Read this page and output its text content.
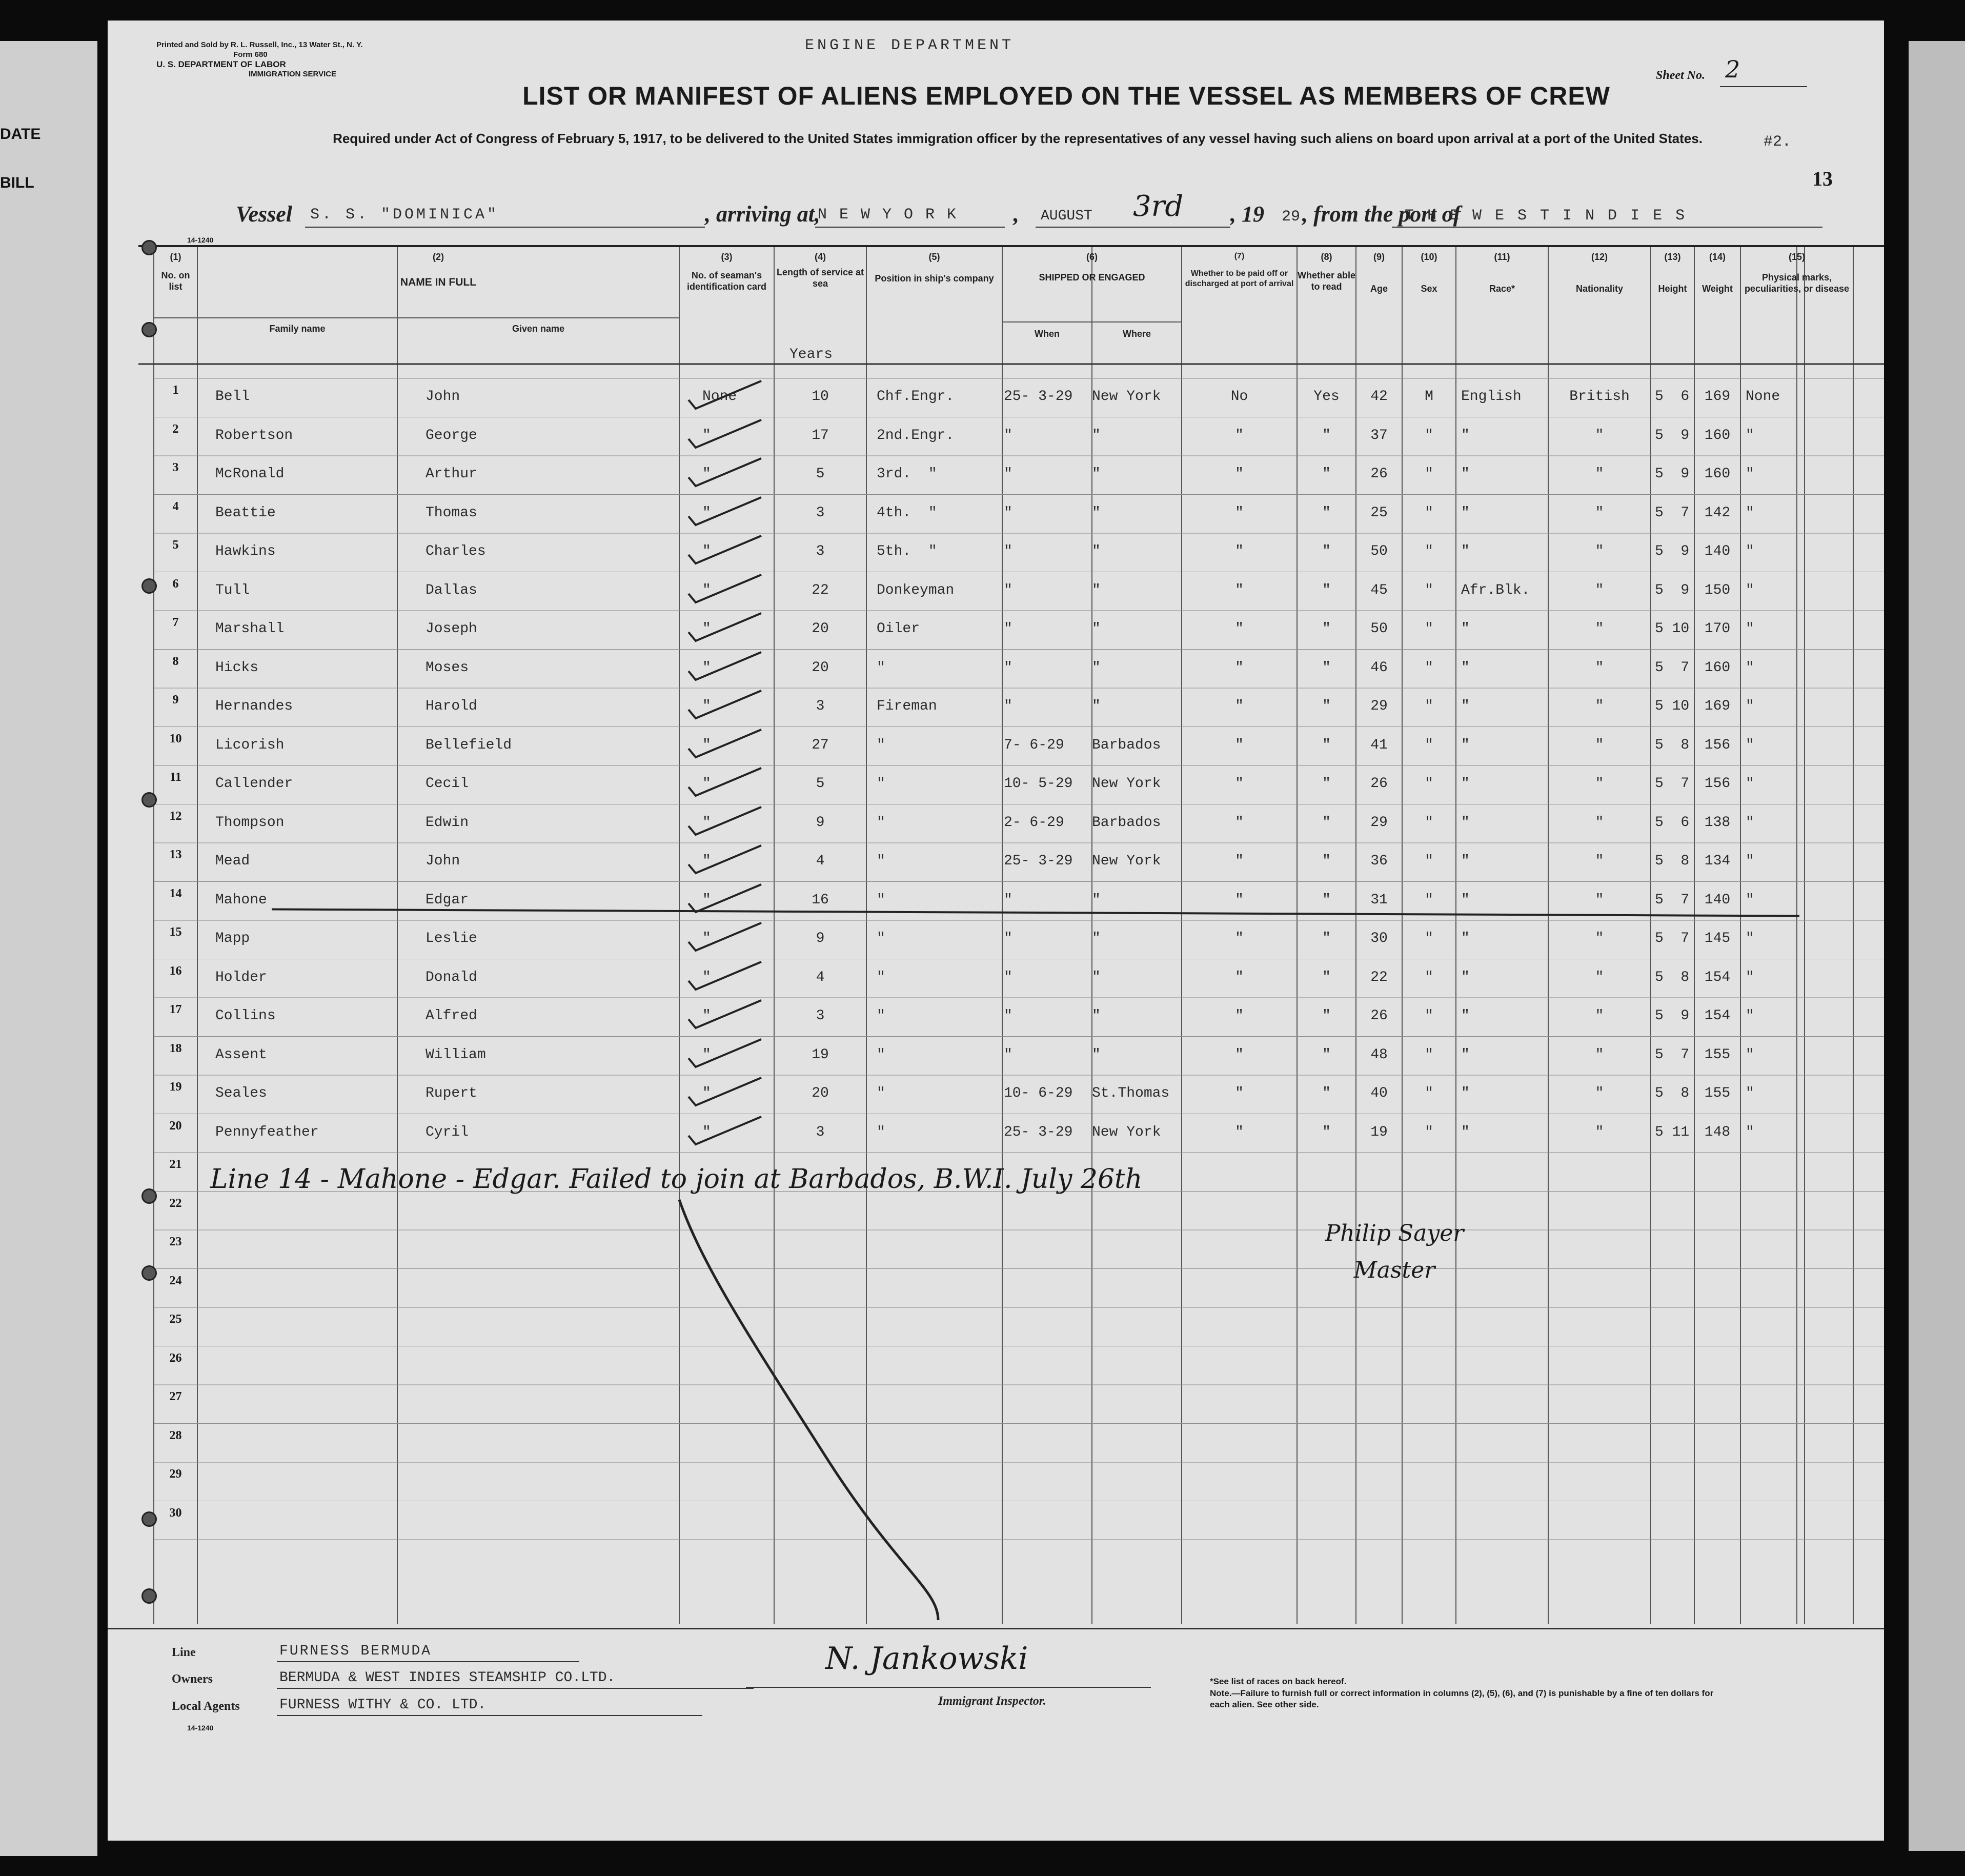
DATE
BILL
Printed and Sold by R. L. Russell, Inc., 13 Water St., N. Y.
Form 680
U. S. DEPARTMENT OF LABOR
IMMIGRATION SERVICE
ENGINE DEPARTMENT
LIST OR MANIFEST OF ALIENS EMPLOYED ON THE VESSEL AS MEMBERS OF CREW
Required under Act of Congress of February 5, 1917, to be delivered to the United States immigration officer by the representatives of any vessel having such aliens on board upon arrival at a port of the United States.
Sheet No. 2
#2.
13
Vessel S. S. "DOMINICA"	, arriving at,
N E W Y O R K , AUGUST 3rd , 19 29 , from the port of
T H E W E S T I N D I E S
14-1240
(1)
No. on list
(2)
NAME IN FULL
Family name	Given name
(3)
No. of seaman's identification card
(4)
Length of service at sea
(5)
Position in ship's company
(6)
SHIPPED OR ENGAGED
When	Where
(7)
Whether to be paid off or discharged at port of arrival
(8)
Whether able to read
(9)
Age
(10)
Sex
(11)
Race*
(12)
Nationality
(13)
Height
(14)
Weight
(15)
Physical marks, peculiarities, or disease
Years
1	Bell	John	None	10	Chf.Engr.	25- 3-29	New York	No	Yes	42	M	English	British	5  6	169	None
2	Robertson	George	"	17	2nd.Engr.	"	"	"	"	37	"	"	"	5  9	160	"
3	McRonald	Arthur	"	5	3rd.  "	"	"	"	"	26	"	"	"	5  9	160	"
4	Beattie	Thomas	"	3	4th.  "	"	"	"	"	25	"	"	"	5  7	142	"
5	Hawkins	Charles	"	3	5th.  "	"	"	"	"	50	"	"	"	5  9	140	"
6	Tull	Dallas	"	22	Donkeyman	"	"	"	"	45	"	Afr.Blk.	"	5  9	150	"
7	Marshall	Joseph	"	20	Oiler	"	"	"	"	50	"	"	"	5 10	170	"
8	Hicks	Moses	"	20	"	"	"	"	"	46	"	"	"	5  7	160	"
9	Hernandes	Harold	"	3	Fireman	"	"	"	"	29	"	"	"	5 10	169	"
10	Licorish	Bellefield	"	27	"	7- 6-29	Barbados	"	"	41	"	"	"	5  8	156	"
11	Callender	Cecil	"	5	"	10- 5-29	New York	"	"	26	"	"	"	5  7	156	"
12	Thompson	Edwin	"	9	"	2- 6-29	Barbados	"	"	29	"	"	"	5  6	138	"
13	Mead	John	"	4	"	25- 3-29	New York	"	"	36	"	"	"	5  8	134	"
14	Mahone	Edgar	"	16	"	"	"	"	"	31	"	"	"	5  7	140	"
15	Mapp	Leslie	"	9	"	"	"	"	"	30	"	"	"	5  7	145	"
16	Holder	Donald	"	4	"	"	"	"	"	22	"	"	"	5  8	154	"
17	Collins	Alfred	"	3	"	"	"	"	"	26	"	"	"	5  9	154	"
18	Assent	William	"	19	"	"	"	"	"	48	"	"	"	5  7	155	"
19	Seales	Rupert	"	20	"	10- 6-29	St.Thomas	"	"	40	"	"	"	5  8	155	"
20	Pennyfeather	Cyril	"	3	"	25- 3-29	New York	"	"	19	"	"	"	5 11	148	"
21
22
23
24
25
26
27
28
29
30
Line 14 - Mahone - Edgar. Failed to join at Barbados, B.W.I. July 26th
Philip Sayer Master
Line	FURNESS BERMUDA
Owners	BERMUDA & WEST INDIES STEAMSHIP CO.LTD.
Local Agents	FURNESS WITHY & CO. LTD.
14-1240
N. Jankowski
Immigrant Inspector.
*See list of races on back hereof.
Note.—Failure to furnish full or correct information in columns (2), (5), (6), and (7) is punishable by a fine of ten dollars for each alien. See other side.
